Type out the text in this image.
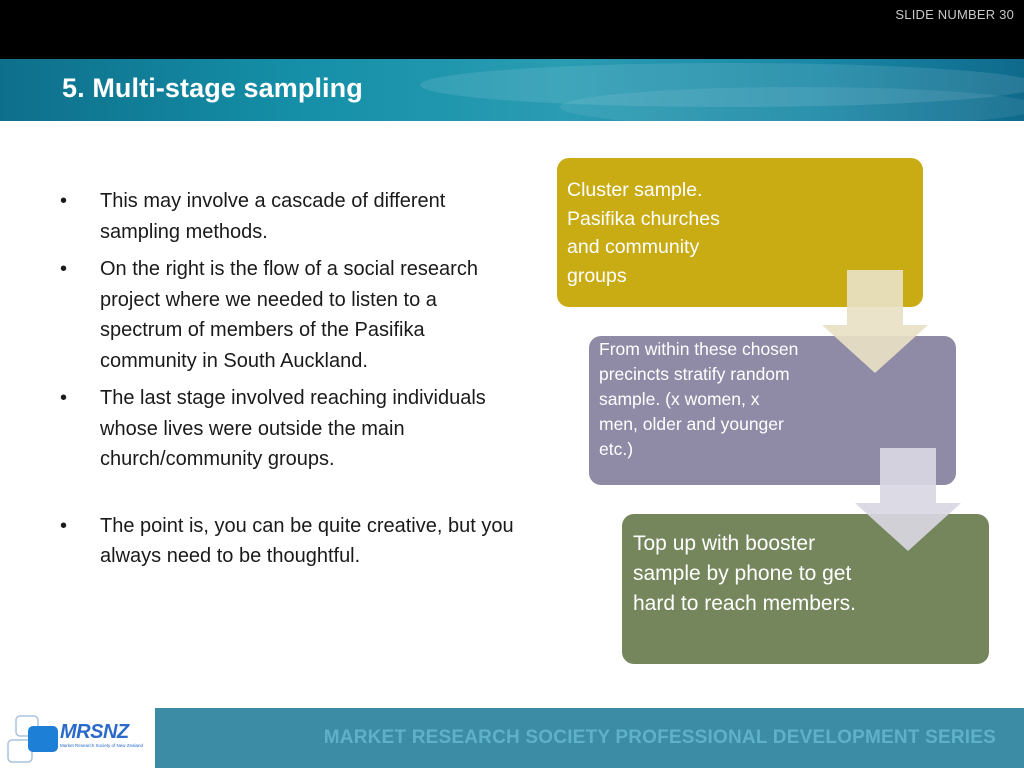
SLIDE NUMBER 30
5. Multi-stage sampling
• This may involve a cascade of different sampling methods.
• On the right is the flow of a social research project where we needed to listen to a spectrum of members of the Pasifika community in South Auckland.
• The last stage involved reaching individuals whose lives were outside the main church/community groups.
• The point is, you can be quite creative, but you always need to be thoughtful.
Cluster sample. Pasifika churches and community groups
From within these chosen precincts stratify random sample. (x women, x men, older and younger etc.)
Top up with booster sample by phone to get hard to reach members.
MRSNZ
Market Research Society of New Zealand	MARKET RESEARCH SOCIETY PROFESSIONAL DEVELOPMENT SERIES
